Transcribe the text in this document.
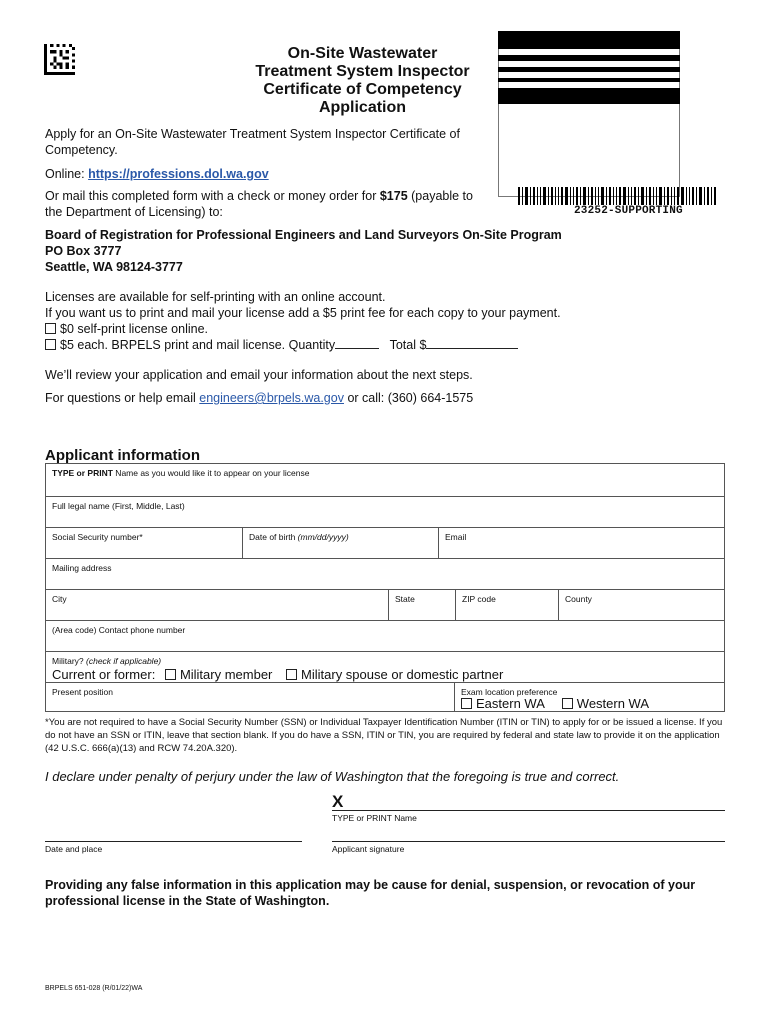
On-Site Wastewater
Treatment System Inspector
Certificate of Competency
Application
23252-SUPPORTING
Apply for an On-Site Wastewater Treatment System Inspector Certificate of Competency.
Online: https://professions.dol.wa.gov
Or mail this completed form with a check or money order for $175 (payable to the Department of Licensing) to:
Board of Registration for Professional Engineers and Land Surveyors On-Site Program
PO Box 3777
Seattle, WA 98124-3777
Licenses are available for self-printing with an online account.
If you want us to print and mail your license add a $5 print fee for each copy to your payment.
$0 self-print license online.
$5 each. BRPELS print and mail license. Quantity	Total $
We’ll review your application and email your information about the next steps.
For questions or help email engineers@brpels.wa.gov or call: (360) 664-1575
Applicant information
TYPE or PRINT Name as you would like it to appear on your license
Full legal name (First, Middle, Last)
Social Security number*	Date of birth (mm/dd/yyyy)	Email
Mailing address
City	State	ZIP code	County
(Area code) Contact phone number
Military? (check if applicable)
Current or former: Military member Military spouse or domestic partner
Present position	Exam location preference
Eastern WA	Western WA
*You are not required to have a Social Security Number (SSN) or Individual Taxpayer Identification Number (ITIN or TIN) to apply for or be issued a license. If you do not have an SSN or ITIN, leave that section blank. If you do have a SSN, ITIN or TIN, you are required by federal and state law to provide it on the application (42 U.S.C. 666(a)(13) and RCW 74.20A.320).
I declare under penalty of perjury under the law of Washington that the foregoing is true and correct.
X
TYPE or PRINT Name
Date and place	Applicant signature
Providing any false information in this application may be cause for denial, suspension, or revocation of your professional license in the State of Washington.
BRPELS 651-028 (R/01/22)WA
